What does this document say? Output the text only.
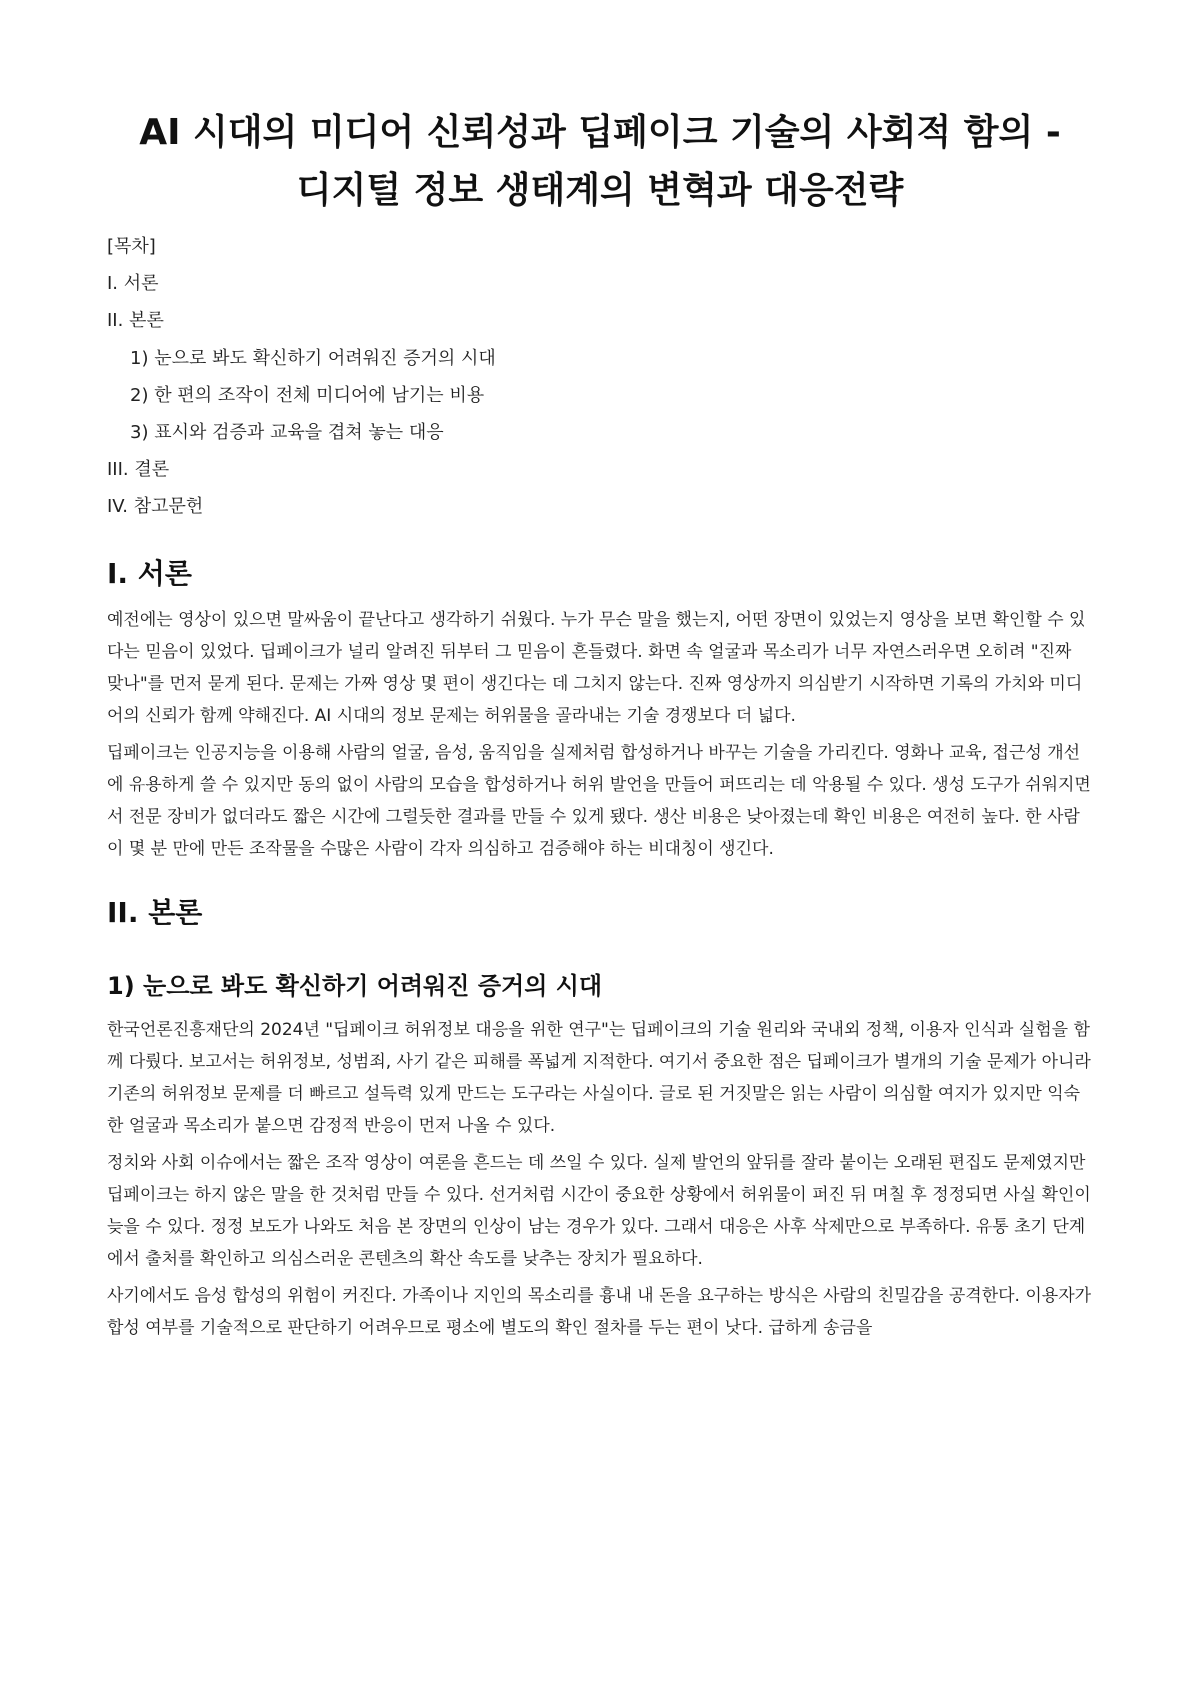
AI 시대의 미디어 신뢰성과 딥페이크 기술의 사회적 함의 - 디지털 정보 생태계의 변혁과 대응전략
[목차]
I. 서론
II. 본론
1) 눈으로 봐도 확신하기 어려워진 증거의 시대
2) 한 편의 조작이 전체 미디어에 남기는 비용
3) 표시와 검증과 교육을 겹쳐 놓는 대응
III. 결론
IV. 참고문헌
I. 서론

예전에는 영상이 있으면 말싸움이 끝난다고 생각하기 쉬웠다. 누가 무슨 말을 했는지, 어떤 장면이 있었는지 영상을 보면 확인할 수 있다는 믿음이 있었다. 딥페이크가 널리 알려진 뒤부터 그 믿음이 흔들렸다. 화면 속 얼굴과 목소리가 너무 자연스러우면 오히려 "진짜 맞나"를 먼저 묻게 된다. 문제는 가짜 영상 몇 편이 생긴다는 데 그치지 않는다. 진짜 영상까지 의심받기 시작하면 기록의 가치와 미디어의 신뢰가 함께 약해진다. AI 시대의 정보 문제는 허위물을 골라내는 기술 경쟁보다 더 넓다.

딥페이크는 인공지능을 이용해 사람의 얼굴, 음성, 움직임을 실제처럼 합성하거나 바꾸는 기술을 가리킨다. 영화나 교육, 접근성 개선에 유용하게 쓸 수 있지만 동의 없이 사람의 모습을 합성하거나 허위 발언을 만들어 퍼뜨리는 데 악용될 수 있다. 생성 도구가 쉬워지면서 전문 장비가 없더라도 짧은 시간에 그럴듯한 결과를 만들 수 있게 됐다. 생산 비용은 낮아졌는데 확인 비용은 여전히 높다. 한 사람이 몇 분 만에 만든 조작물을 수많은 사람이 각자 의심하고 검증해야 하는 비대칭이 생긴다.

II. 본론
1) 눈으로 봐도 확신하기 어려워진 증거의 시대

한국언론진흥재단의 2024년 "딥페이크 허위정보 대응을 위한 연구"는 딥페이크의 기술 원리와 국내외 정책, 이용자 인식과 실험을 함께 다뤘다. 보고서는 허위정보, 성범죄, 사기 같은 피해를 폭넓게 지적한다. 여기서 중요한 점은 딥페이크가 별개의 기술 문제가 아니라 기존의 허위정보 문제를 더 빠르고 설득력 있게 만드는 도구라는 사실이다. 글로 된 거짓말은 읽는 사람이 의심할 여지가 있지만 익숙한 얼굴과 목소리가 붙으면 감정적 반응이 먼저 나올 수 있다.

정치와 사회 이슈에서는 짧은 조작 영상이 여론을 흔드는 데 쓰일 수 있다. 실제 발언의 앞뒤를 잘라 붙이는 오래된 편집도 문제였지만 딥페이크는 하지 않은 말을 한 것처럼 만들 수 있다. 선거처럼 시간이 중요한 상황에서 허위물이 퍼진 뒤 며칠 후 정정되면 사실 확인이 늦을 수 있다. 정정 보도가 나와도 처음 본 장면의 인상이 남는 경우가 있다. 그래서 대응은 사후 삭제만으로 부족하다. 유통 초기 단계에서 출처를 확인하고 의심스러운 콘텐츠의 확산 속도를 낮추는 장치가 필요하다.

사기에서도 음성 합성의 위험이 커진다. 가족이나 지인의 목소리를 흉내 내 돈을 요구하는 방식은 사람의 친밀감을 공격한다. 이용자가 합성 여부를 기술적으로 판단하기 어려우므로 평소에 별도의 확인 절차를 두는 편이 낫다. 급하게 송금을
